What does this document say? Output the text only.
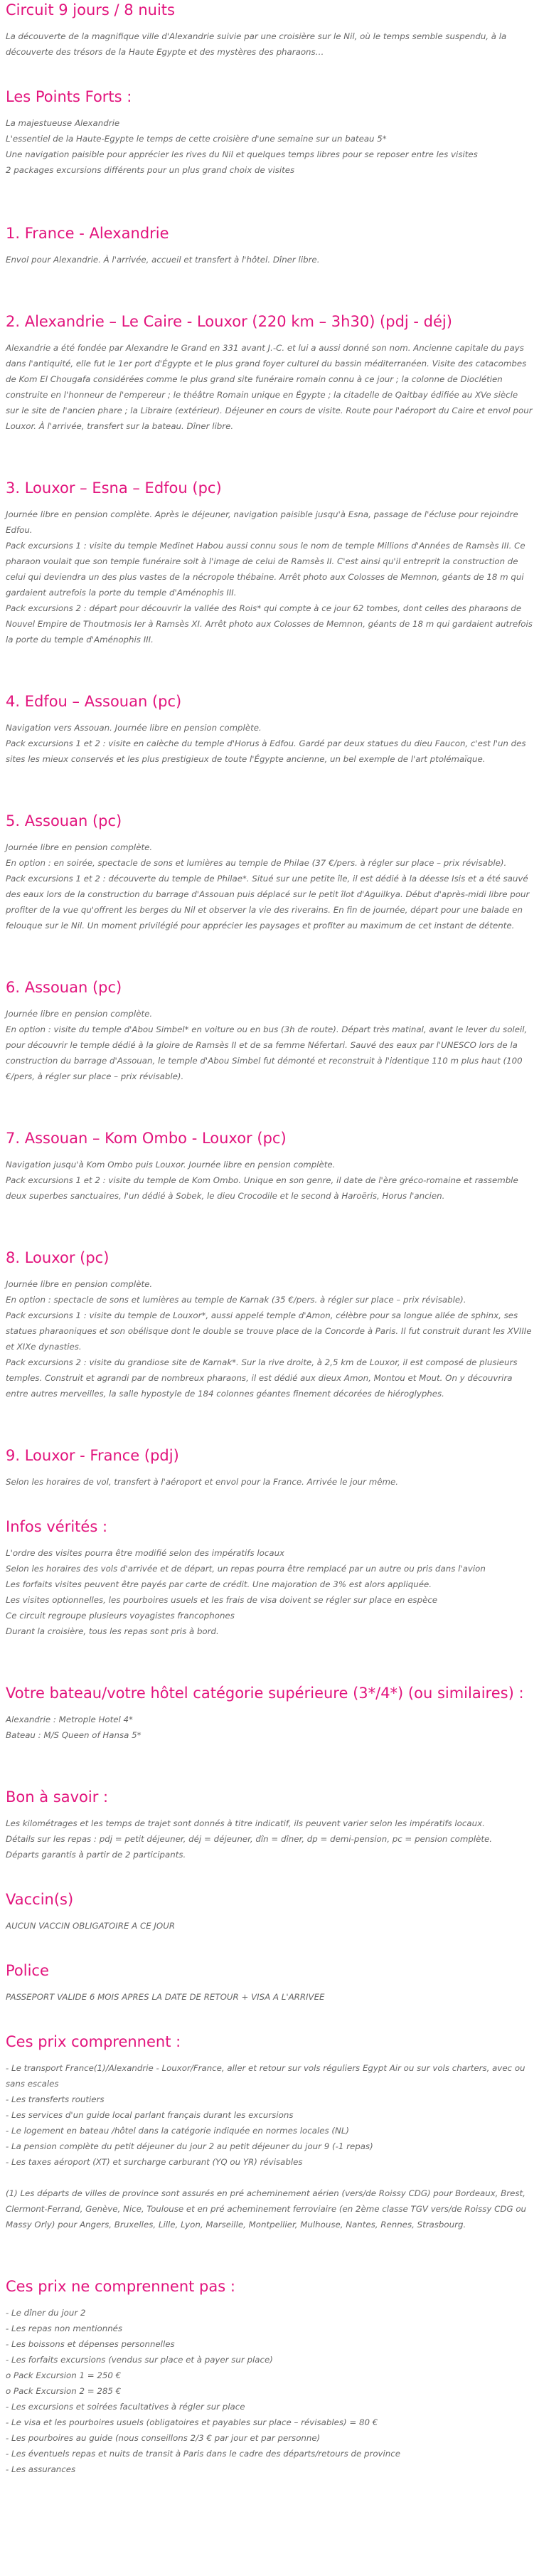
Circuit 9 jours / 8 nuits

La découverte de la magnifique ville d'Alexandrie suivie par une croisière sur le Nil, où le temps semble suspendu, à la découverte des trésors de la Haute Egypte et des mystères des pharaons…

Les Points Forts :

La majestueuse Alexandrie
L'essentiel de la Haute-Egypte le temps de cette croisière d'une semaine sur un bateau 5*
Une navigation paisible pour apprécier les rives du Nil et quelques temps libres pour se reposer entre les visites
2 packages excursions différents pour un plus grand choix de visites

1. France - Alexandrie

Envol pour Alexandrie. À l'arrivée, accueil et transfert à l'hôtel. Dîner libre.

2. Alexandrie – Le Caire - Louxor (220 km – 3h30) (pdj - déj)

Alexandrie a été fondée par Alexandre le Grand en 331 avant J.-C. et lui a aussi donné son nom. Ancienne capitale du pays dans l'antiquité, elle fut le 1er port d'Égypte et le plus grand foyer culturel du bassin méditerranéen. Visite des catacombes de Kom El Chougafa considérées comme le plus grand site funéraire romain connu à ce jour ; la colonne de Dioclétien construite en l'honneur de l'empereur ; le théâtre Romain unique en Égypte ; la citadelle de Qaitbay édifiée au XVe siècle sur le site de l'ancien phare ; la Libraire (extérieur). Déjeuner en cours de visite. Route pour l'aéroport du Caire et envol pour Louxor. À l'arrivée, transfert sur la bateau. Dîner libre.

3. Louxor – Esna – Edfou (pc)

Journée libre en pension complète. Après le déjeuner, navigation paisible jusqu'à Esna, passage de l'écluse pour rejoindre Edfou.
Pack excursions 1 : visite du temple Medinet Habou aussi connu sous le nom de temple Millions d'Années de Ramsès III. Ce pharaon voulait que son temple funéraire soit à l'image de celui de Ramsès II. C'est ainsi qu'il entreprit la construction de celui qui deviendra un des plus vastes de la nécropole thébaine. Arrêt photo aux Colosses de Memnon, géants de 18 m qui gardaient autrefois la porte du temple d'Aménophis III.
Pack excursions 2 : départ pour découvrir la vallée des Rois* qui compte à ce jour 62 tombes, dont celles des pharaons de Nouvel Empire de Thoutmosis Ier à Ramsès XI. Arrêt photo aux Colosses de Memnon, géants de 18 m qui gardaient autrefois la porte du temple d'Aménophis III.

4. Edfou – Assouan (pc)

Navigation vers Assouan. Journée libre en pension complète.
Pack excursions 1 et 2 : visite en calèche du temple d'Horus à Edfou. Gardé par deux statues du dieu Faucon, c'est l'un des sites les mieux conservés et les plus prestigieux de toute l'Égypte ancienne, un bel exemple de l'art ptolémaïque.

5. Assouan (pc)

Journée libre en pension complète.
En option : en soirée, spectacle de sons et lumières au temple de Philae (37 €/pers. à régler sur place – prix révisable).
Pack excursions 1 et 2 : découverte du temple de Philae*. Situé sur une petite île, il est dédié à la déesse Isis et a été sauvé des eaux lors de la construction du barrage d'Assouan puis déplacé sur le petit îlot d'Aguilkya. Début d'après-midi libre pour profiter de la vue qu'offrent les berges du Nil et observer la vie des riverains. En fin de journée, départ pour une balade en felouque sur le Nil. Un moment privilégié pour apprécier les paysages et profiter au maximum de cet instant de détente.

6. Assouan (pc)

Journée libre en pension complète.
En option : visite du temple d'Abou Simbel* en voiture ou en bus (3h de route). Départ très matinal, avant le lever du soleil, pour découvrir le temple dédié à la gloire de Ramsès II et de sa femme Néfertari. Sauvé des eaux par l'UNESCO lors de la construction du barrage d'Assouan, le temple d'Abou Simbel fut démonté et reconstruit à l'identique 110 m plus haut (100 €/pers, à régler sur place – prix révisable).

7. Assouan – Kom Ombo - Louxor (pc)

Navigation jusqu'à Kom Ombo puis Louxor. Journée libre en pension complète.
Pack excursions 1 et 2 : visite du temple de Kom Ombo. Unique en son genre, il date de l'ère gréco-romaine et rassemble deux superbes sanctuaires, l'un dédié à Sobek, le dieu Crocodile et le second à Haroëris, Horus l'ancien.

8. Louxor (pc)

Journée libre en pension complète.
En option : spectacle de sons et lumières au temple de Karnak (35 €/pers. à régler sur place – prix révisable).
Pack excursions 1 : visite du temple de Louxor*, aussi appelé temple d'Amon, célèbre pour sa longue allée de sphinx, ses statues pharaoniques et son obélisque dont le double se trouve place de la Concorde à Paris. Il fut construit durant les XVIIIe et XIXe dynasties.
Pack excursions 2 : visite du grandiose site de Karnak*. Sur la rive droite, à 2,5 km de Louxor, il est composé de plusieurs temples. Construit et agrandi par de nombreux pharaons, il est dédié aux dieux Amon, Montou et Mout. On y découvrira entre autres merveilles, la salle hypostyle de 184 colonnes géantes finement décorées de hiéroglyphes.

9. Louxor - France (pdj)

Selon les horaires de vol, transfert à l'aéroport et envol pour la France. Arrivée le jour même.

Infos vérités :

L'ordre des visites pourra être modifié selon des impératifs locaux
Selon les horaires des vols d'arrivée et de départ, un repas pourra être remplacé par un autre ou pris dans l'avion
Les forfaits visites peuvent être payés par carte de crédit. Une majoration de 3% est alors appliquée.
Les visites optionnelles, les pourboires usuels et les frais de visa doivent se régler sur place en espèce
Ce circuit regroupe plusieurs voyagistes francophones
Durant la croisière, tous les repas sont pris à bord.

Votre bateau/votre hôtel catégorie supérieure (3*/4*) (ou similaires) :

Alexandrie : Metrople Hotel 4*
Bateau : M/S Queen of Hansa 5*

Bon à savoir :

Les kilométrages et les temps de trajet sont donnés à titre indicatif, ils peuvent varier selon les impératifs locaux.
Détails sur les repas : pdj = petit déjeuner, déj = déjeuner, dîn = dîner, dp = demi-pension, pc = pension complète.
Départs garantis à partir de 2 participants.

Vaccin(s)

AUCUN VACCIN OBLIGATOIRE A CE JOUR

Police

PASSEPORT VALIDE 6 MOIS APRES LA DATE DE RETOUR + VISA A L'ARRIVEE

Ces prix comprennent :

- Le transport France(1)/Alexandrie - Louxor/France, aller et retour sur vols réguliers Egypt Air ou sur vols charters, avec ou sans escales
- Les transferts routiers
- Les services d'un guide local parlant français durant les excursions
- Le logement en bateau /hôtel dans la catégorie indiquée en normes locales (NL)
- La pension complète du petit déjeuner du jour 2 au petit déjeuner du jour 9 (-1 repas)
- Les taxes aéroport (XT) et surcharge carburant (YQ ou YR) révisables

(1) Les départs de villes de province sont assurés en pré acheminement aérien (vers/de Roissy CDG) pour Bordeaux, Brest, Clermont-Ferrand, Genève, Nice, Toulouse et en pré acheminement ferroviaire (en 2ème classe TGV vers/de Roissy CDG ou Massy Orly) pour Angers, Bruxelles, Lille, Lyon, Marseille, Montpellier, Mulhouse, Nantes, Rennes, Strasbourg.

Ces prix ne comprennent pas :

- Le dîner du jour 2
- Les repas non mentionnés
- Les boissons et dépenses personnelles
- Les forfaits excursions (vendus sur place et à payer sur place)
o Pack Excursion 1 = 250 €
o Pack Excursion 2 = 285 €
- Les excursions et soirées facultatives à régler sur place
- Le visa et les pourboires usuels (obligatoires et payables sur place – révisables) = 80 €
- Les pourboires au guide (nous conseillons 2/3 € par jour et par personne)
- Les éventuels repas et nuits de transit à Paris dans le cadre des départs/retours de province
- Les assurances
